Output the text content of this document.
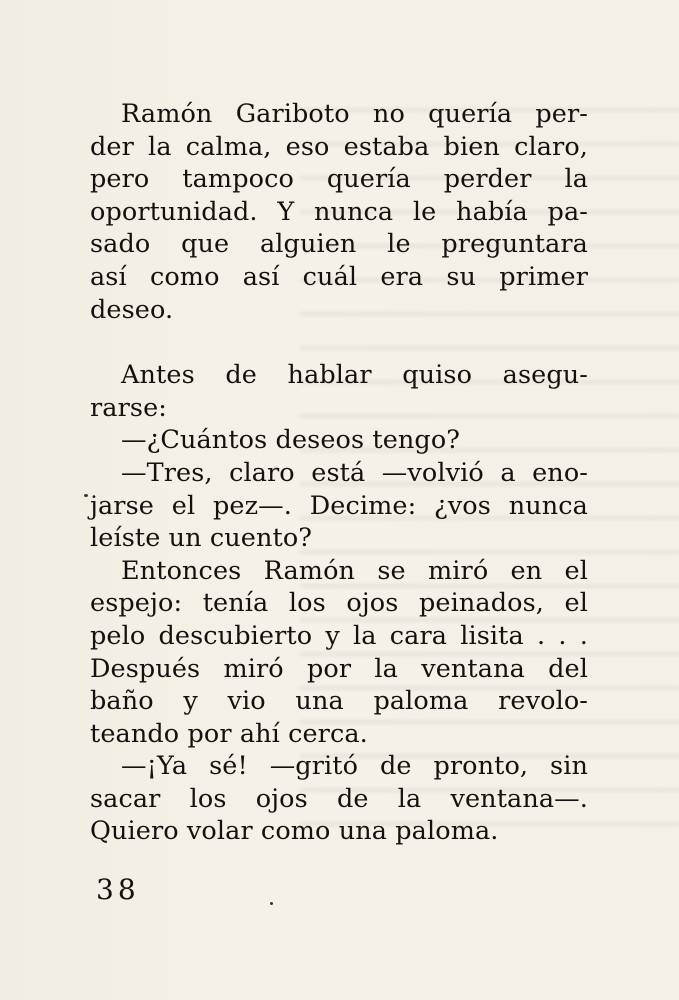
Ramón Gariboto no quería per-
der la calma, eso estaba bien claro,
pero tampoco quería perder la
oportunidad. Y nunca le había pa-
sado que alguien le preguntara
así como así cuál era su primer
deseo.
Antes de hablar quiso asegu-
rarse:
—¿Cuántos deseos tengo?
—Tres, claro está —volvió a eno-
jarse el pez—. Decime: ¿vos nunca
leíste un cuento?
Entonces Ramón se miró en el
espejo: tenía los ojos peinados, el
pelo descubierto y la cara lisita . . .
Después miró por la ventana del
baño y vio una paloma revolo-
teando por ahí cerca.
—¡Ya sé! —gritó de pronto, sin
sacar los ojos de la ventana—.
Quiero volar como una paloma.
38
